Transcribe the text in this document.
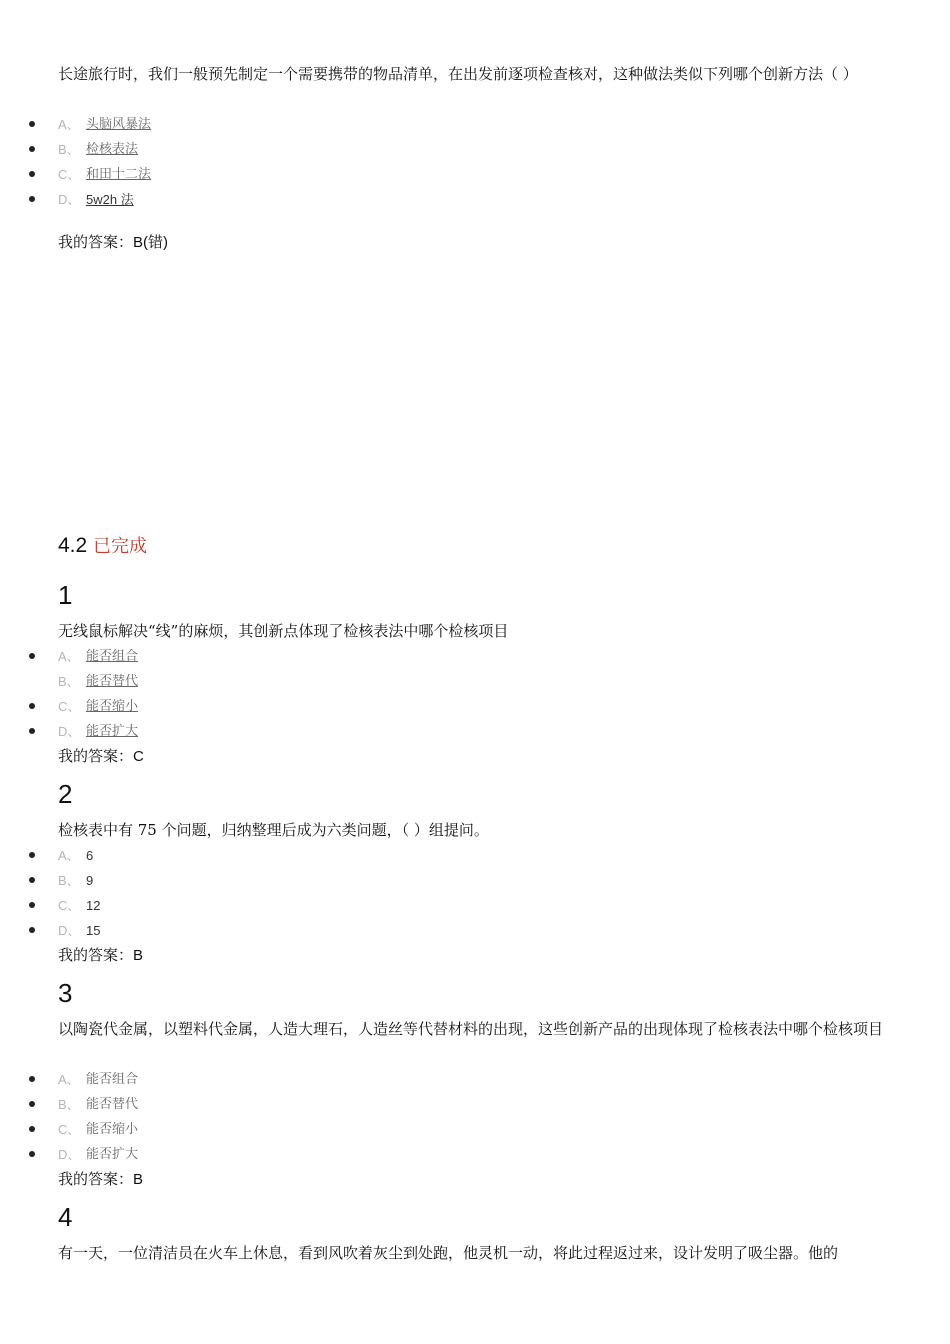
长途旅行时，我们一般预先制定一个需要携带的物品清单，在出发前逐项检查核对，这种做法类似下列哪个创新方法（ ）
A、 头脑风暴法
B、 检核表法
C、 和田十二法
D、 5w2h 法
我的答案：B(错)
4.2 已完成
1
无线鼠标解决“线”的麻烦，其创新点体现了检核表法中哪个检核项目
A、 能否组合
B、 能否替代
C、 能否缩小
D、 能否扩大
我的答案：C
2
检核表中有 75 个问题，归纳整理后成为六类问题，（ ）组提问。
A、 6
B、 9
C、 12
D、 15
我的答案：B
3
以陶瓷代金属，以塑料代金属，人造大理石，人造丝等代替材料的出现，这些创新产品的出现体现了检核表法中哪个检核项目
A、 能否组合
B、 能否替代
C、 能否缩小
D、 能否扩大
我的答案：B
4
有一天，一位清洁员在火车上休息，看到风吹着灰尘到处跑，他灵机一动，将此过程返过来，设计发明了吸尘器。他的
